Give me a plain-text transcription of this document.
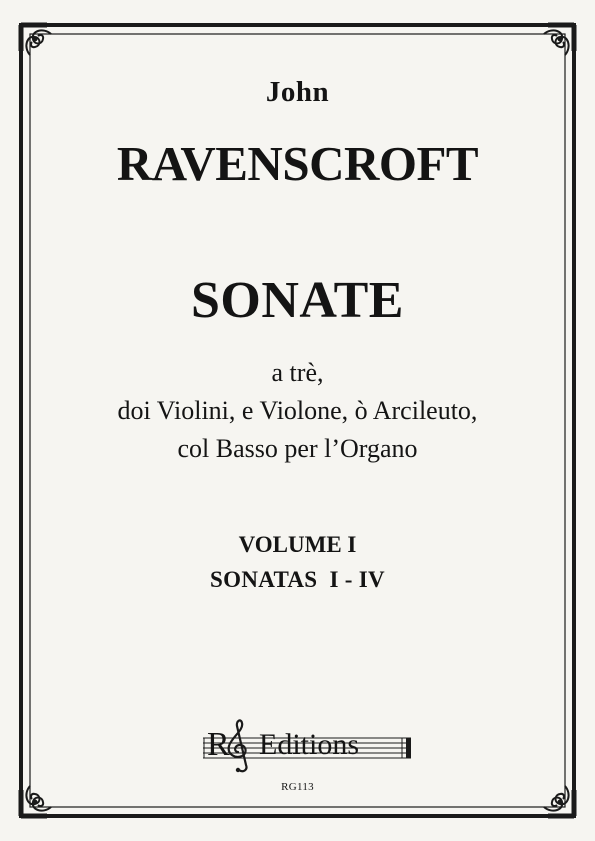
John
RAVENSCROFT
SONATE
a trè,
doi Violini, e Violone, ò Arcileuto,
col Basso per l’Organo
VOLUME I
SONATAS  I - IV
R Editions
RG113
